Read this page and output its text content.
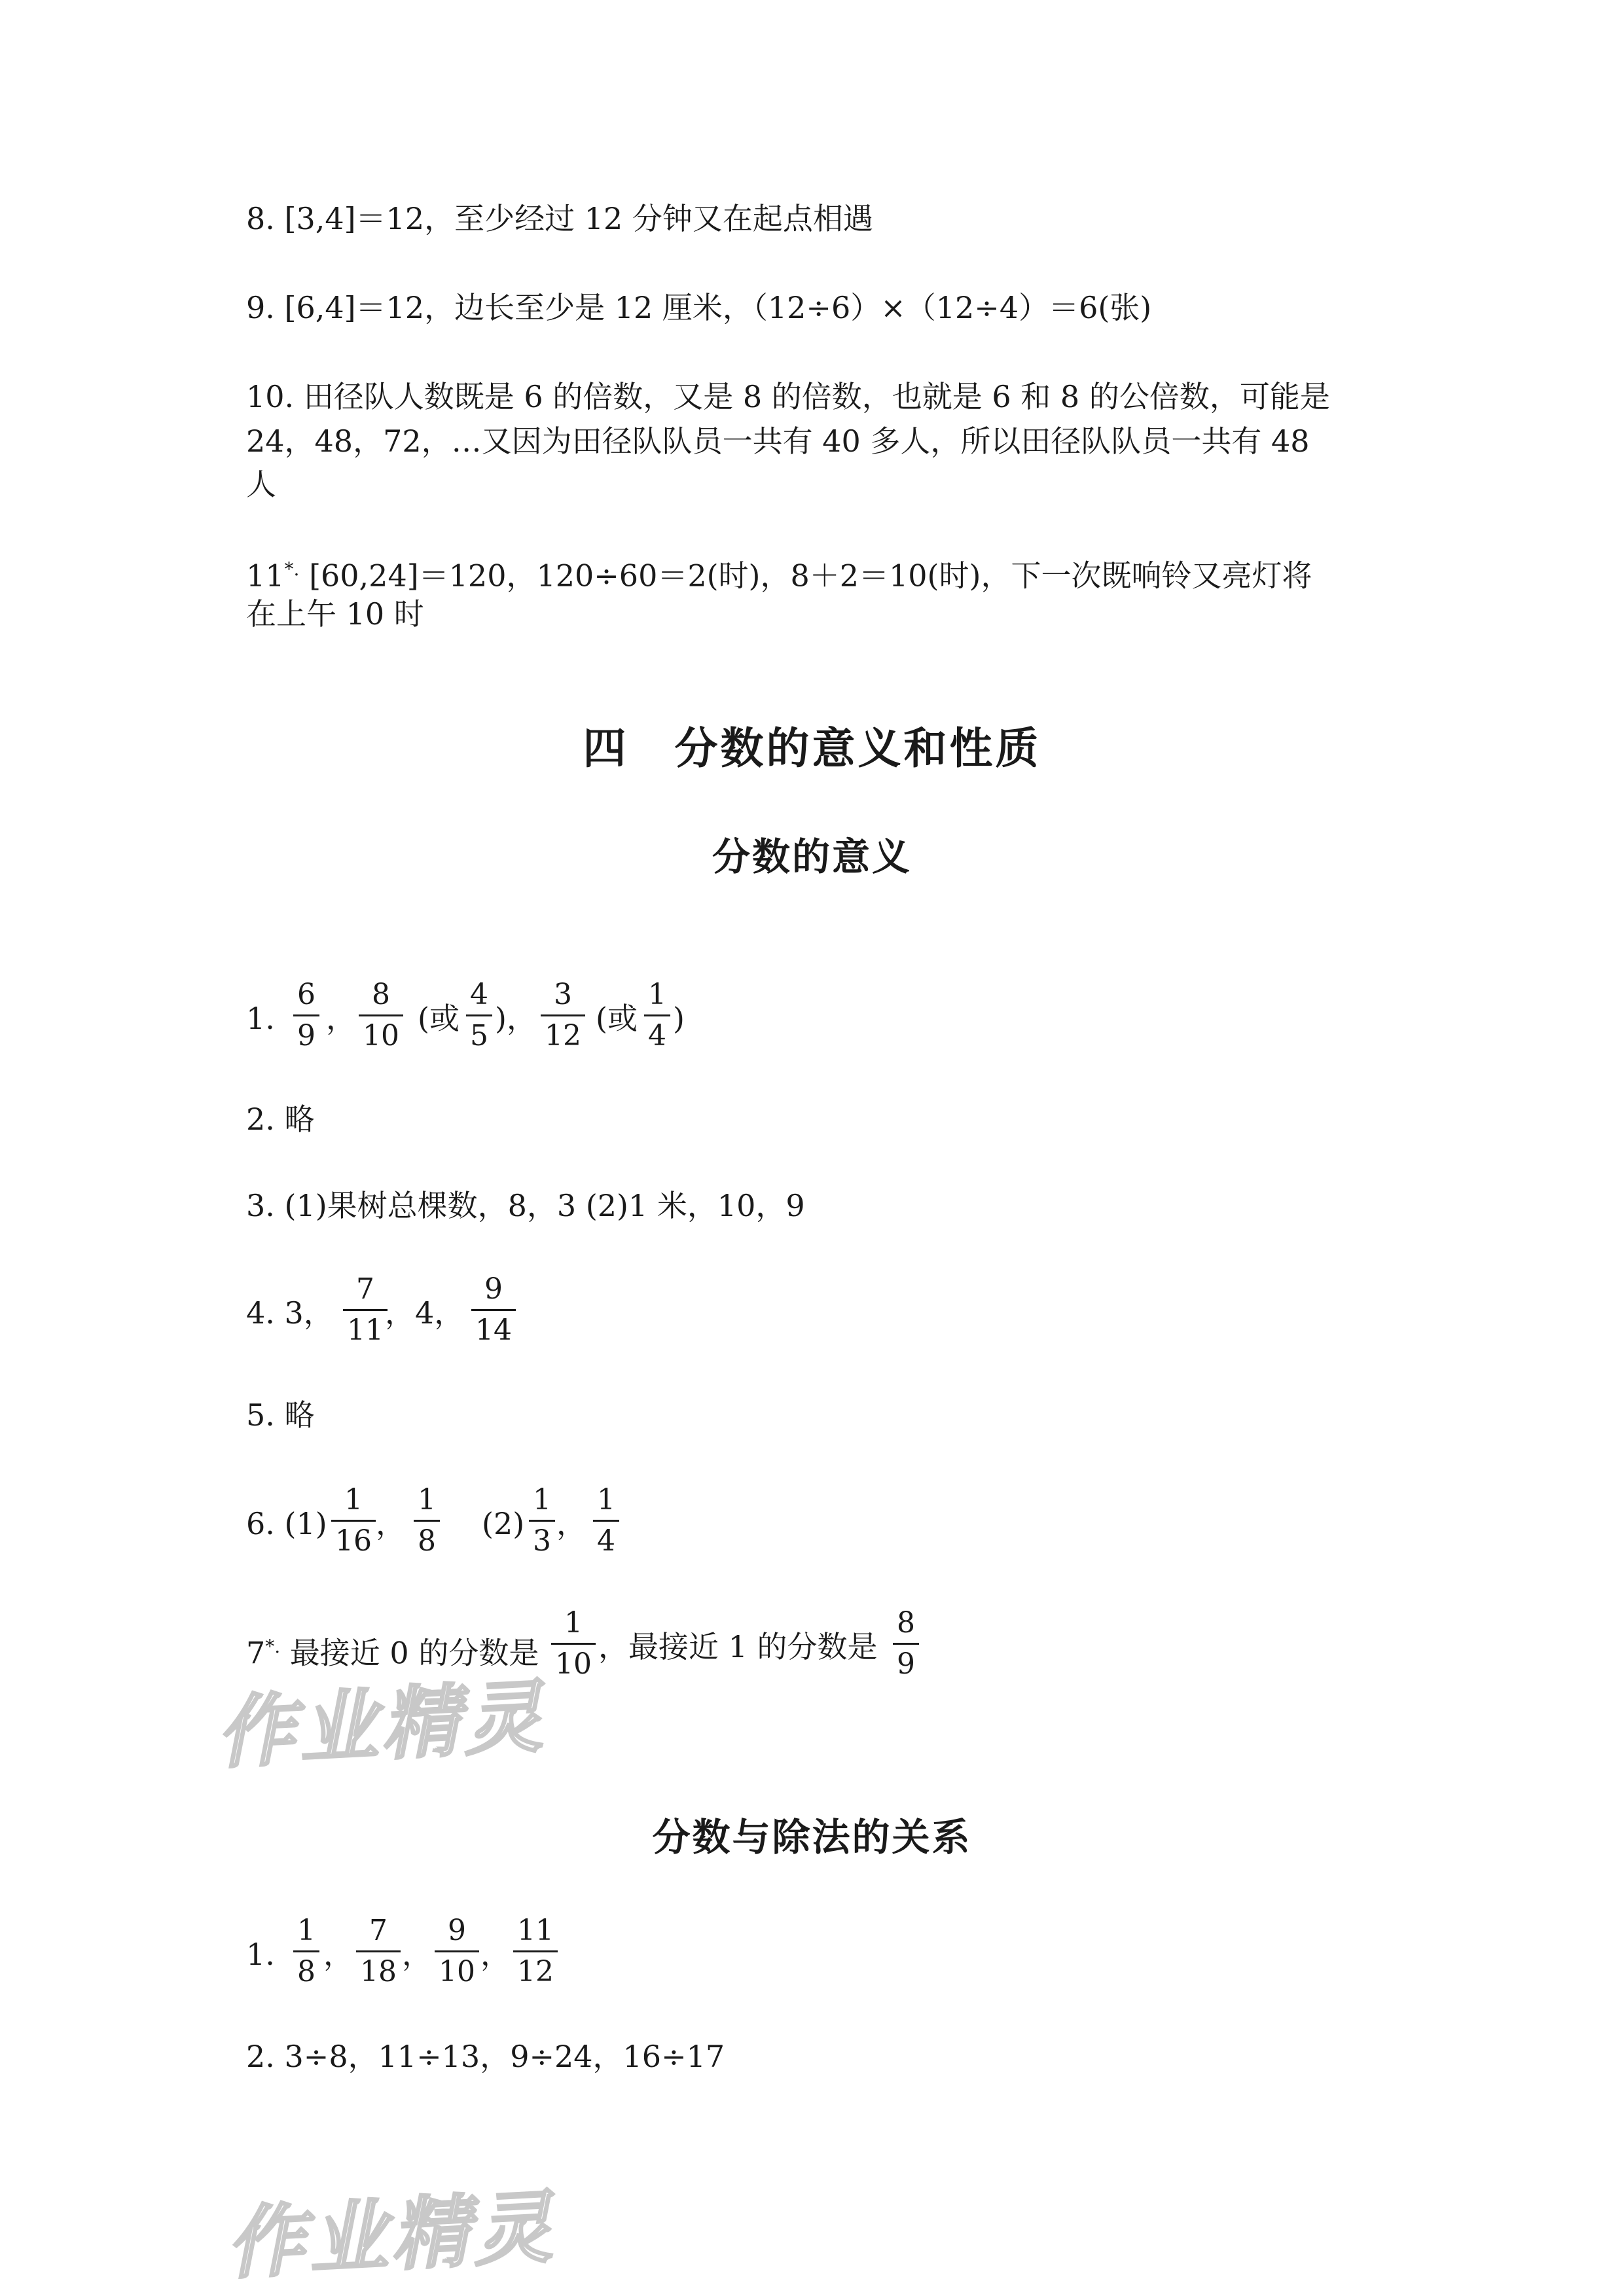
8. [3,4]＝12，至少经过 12 分钟又在起点相遇
9. [6,4]＝12，边长至少是 12 厘米，（12÷6）×（12÷4）＝6(张)
10. 田径队人数既是 6 的倍数，又是 8 的倍数，也就是 6 和 8 的公倍数，可能是
24，48，72，…又因为田径队队员一共有 40 多人，所以田径队队员一共有 48
人
11*. [60,24]＝120，120÷60＝2(时)，8＋2＝10(时)，下一次既响铃又亮灯将
在上午 10 时
四　分数的意义和性质
分数的意义
1.
6
9 ，
8
10 (或
4
5 )，
3
12 (或
1
4 )
2. 略
3. (1)果树总棵数，8，3 (2)1 米，10，9
4. 3，
7
11 ，4，
9
14
5. 略
6. (1)
1
16 ，
1
8 (2)
1
3 ，
1
4
7*. 最接近 0 的分数是
1
10 ，最接近 1 的分数是
8
9
作业精灵
分数与除法的关系
1.
1
8 ，
7
18 ，
9
10 ，
11
12
2. 3÷8，11÷13，9÷24，16÷17
作业精灵
